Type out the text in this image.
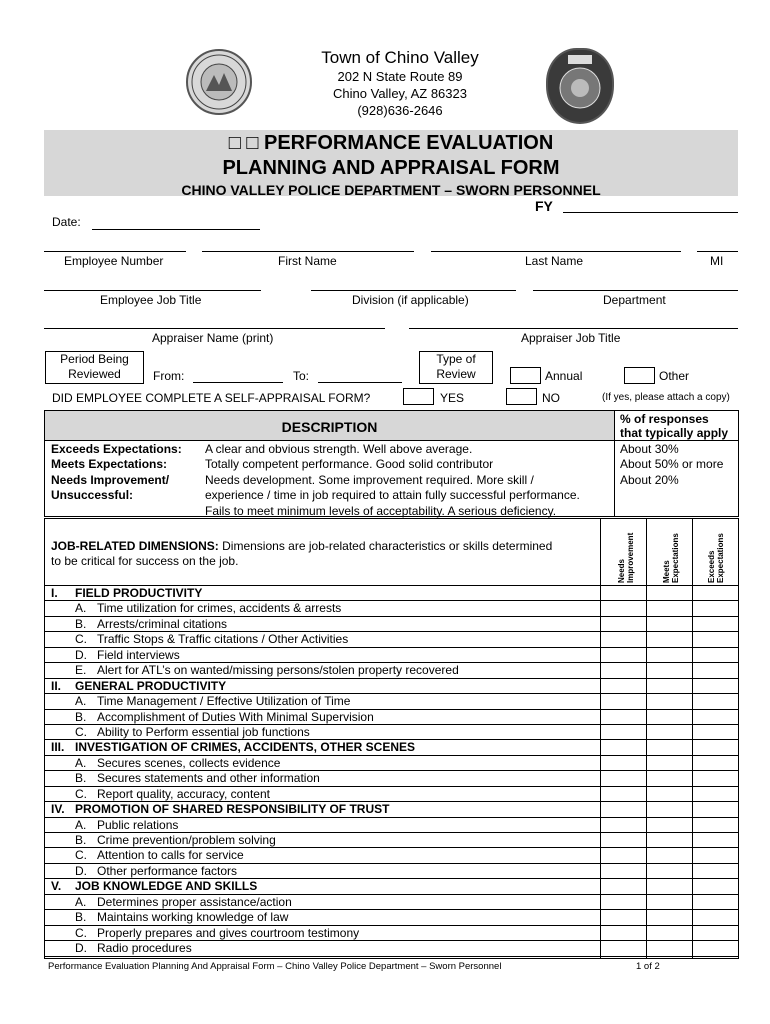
Town of Chino Valley
202 N State Route 89
Chino Valley, AZ 86323
(928)636-2646
□ □ PERFORMANCE EVALUATION
PLANNING AND APPRAISAL FORM
CHINO VALLEY POLICE DEPARTMENT – SWORN PERSONNEL
FY
Date:
Employee Number	First Name	Last Name	MI
Employee Job Title	Division (if applicable)	Department
Appraiser Name (print)	Appraiser Job Title
Period Being
Reviewed	From:	To:
Type of
Review	Annual	Other
DID EMPLOYEE COMPLETE A SELF-APPRAISAL FORM?	YES	NO	(If yes, please attach a copy)
DESCRIPTION	% of responses
that typically apply
Exceeds Expectations: A clear and obvious strength. Well above average.	About 30%
Meets Expectations:	Totally competent performance. Good solid contributor	About 50% or more
Needs Improvement/	Needs development. Some improvement required. More skill /	About 20%
Unsuccessful:	experience / time in job required to attain fully successful performance.
Fails to meet minimum levels of acceptability. A serious deficiency.
JOB-RELATED DIMENSIONS: Dimensions are job-related characteristics or skills determined
to be critical for success on the job.	Needs Improvement	Meets Expectations	Exceeds Expectations
I. FIELD PRODUCTIVITY
A. Time utilization for crimes, accidents & arrests
B. Arrests/criminal citations
C. Traffic Stops & Traffic citations / Other Activities
D. Field interviews
E. Alert for ATL’s on wanted/missing persons/stolen property recovered
II. GENERAL PRODUCTIVITY
A. Time Management / Effective Utilization of Time
B. Accomplishment of Duties With Minimal Supervision
C. Ability to Perform essential job functions
III. INVESTIGATION OF CRIMES, ACCIDENTS, OTHER SCENES
A. Secures scenes, collects evidence
B. Secures statements and other information
C. Report quality, accuracy, content
IV. PROMOTION OF SHARED RESPONSIBILITY OF TRUST
A. Public relations
B. Crime prevention/problem solving
C. Attention to calls for service
D. Other performance factors
V. JOB KNOWLEDGE AND SKILLS
A. Determines proper assistance/action
B. Maintains working knowledge of law
C. Properly prepares and gives courtroom testimony
D. Radio procedures
Performance Evaluation Planning And Appraisal Form – Chino Valley Police Department – Sworn Personnel	1 of 2
